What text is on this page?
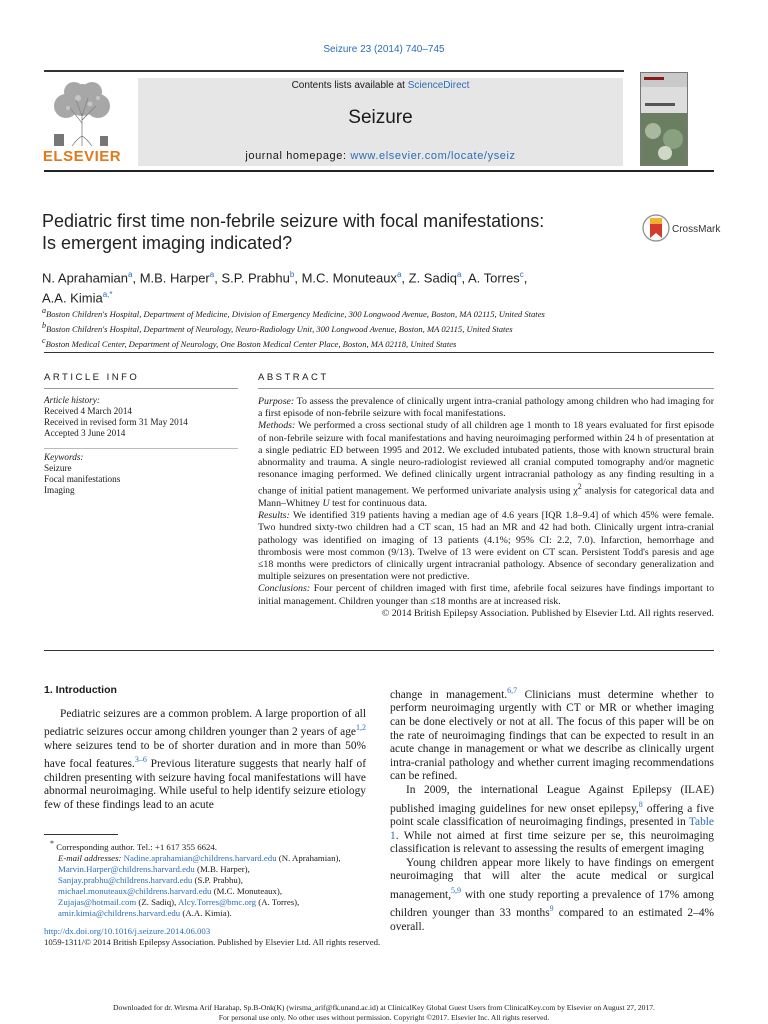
Seizure 23 (2014) 740–745
ELSEVIER
Contents lists available at ScienceDirect
Seizure
journal homepage: www.elsevier.com/locate/yseiz
Pediatric first time non-febrile seizure with focal manifestations:
Is emergent imaging indicated?
CrossMark
N. Aprahamian$^a$, M.B. Harper$^a$, S.P. Prabhu$^b$, M.C. Monuteaux$^a$, Z. Sadiq$^a$, A. Torres$^c$,
A.A. Kimia$^{a,*}$
$^a$Boston Children's Hospital, Department of Medicine, Division of Emergency Medicine, 300 Longwood Avenue, Boston, MA 02115, United States
$^b$Boston Children's Hospital, Department of Neurology, Neuro-Radiology Unit, 300 Longwood Avenue, Boston, MA 02115, United States
$^c$Boston Medical Center, Department of Neurology, One Boston Medical Center Place, Boston, MA 02118, United States
ARTICLE INFO	ABSTRACT
Article history:
Received 4 March 2014
Received in revised form 31 May 2014
Accepted 3 June 2014
Keywords:
Seizure
Focal manifestations
Imaging
Purpose: To assess the prevalence of clinically urgent intra-cranial pathology among children who had imaging for a first episode of non-febrile seizure with focal manifestations.
Methods: We performed a cross sectional study of all children age 1 month to 18 years evaluated for first episode of non-febrile seizure with focal manifestations and having neuroimaging performed within 24 h of presentation at a single pediatric ED between 1995 and 2012. We excluded intubated patients, those with known structural brain abnormality and trauma. A single neuro-radiologist reviewed all cranial computed tomography and/or magnetic resonance imaging performed. We defined clinically urgent intracranial pathology as any finding resulting in a change of initial patient management. We performed univariate analysis using $\chi^2$ analysis for categorical data and Mann–Whitney U test for continuous data.
Results: We identified 319 patients having a median age of 4.6 years [IQR 1.8–9.4] of which 45% were female. Two hundred sixty-two children had a CT scan, 15 had an MR and 42 had both. Clinically urgent intra-cranial pathology was identified on imaging of 13 patients (4.1%; 95% CI: 2.2, 7.0). Infarction, hemorrhage and thrombosis were most common (9/13). Twelve of 13 were evident on CT scan. Persistent Todd's paresis and age ≤18 months were predictors of clinically urgent intracranial pathology. Absence of secondary generalization and multiple seizures on presentation were not predictive.
Conclusions: Four percent of children imaged with first time, afebrile focal seizures have findings important to initial management. Children younger than ≤18 months are at increased risk.
© 2014 British Epilepsy Association. Published by Elsevier Ltd. All rights reserved.

1. Introduction

Pediatric seizures are a common problem. A large proportion of all pediatric seizures occur among children younger than 2 years of age$^{1,2}$ where seizures tend to be of shorter duration and in more than 50% have focal features.$^{3-6}$ Previous literature suggests that nearly half of children presenting with seizure having focal manifestations will have abnormal neuroimaging. While useful to help identify seizure etiology few of these findings lead to an acute

change in management.$^{6,7}$ Clinicians must determine whether to perform neuroimaging urgently with CT or MR or whether imaging can be done electively or not at all. The focus of this paper will be on the rate of neuroimaging findings that can be expected to result in an acute change in management or what we describe as clinically urgent intra-cranial pathology and whether current imaging recommendations can be refined.

In 2009, the international League Against Epilepsy (ILAE) published imaging guidelines for new onset epilepsy,$^8$ offering a five point scale classification of neuroimaging findings, presented in Table 1. While not aimed at first time seizure per se, this neuroimaging classification is relevant to assessing the results of emergent imaging

Young children appear more likely to have findings on emergent neuroimaging that will alter the acute medical or surgical management,$^{5,9}$ with one study reporting a prevalence of 17% among children younger than 33 months$^9$ compared to an estimated 2–4% overall.

* Corresponding author. Tel.: +1 617 355 6624.
E-mail addresses: Nadine.aprahamian@childrens.harvard.edu (N. Aprahamian),
Marvin.Harper@childrens.harvard.edu (M.B. Harper),
Sanjay.prabhu@childrens.harvard.edu (S.P. Prabhu),
michael.monuteaux@childrens.harvard.edu (M.C. Monuteaux),
Zujajas@hotmail.com (Z. Sadiq), Alcy.Torres@bmc.org (A. Torres),
amir.kimia@childrens.harvard.edu (A.A. Kimia).

http://dx.doi.org/10.1016/j.seizure.2014.06.003
1059-1311/© 2014 British Epilepsy Association. Published by Elsevier Ltd. All rights reserved.
Downloaded for dr. Wirsma Arif Harahap, Sp.B-Onk(K) (wirsma_arif@fk.unand.ac.id) at ClinicalKey Global Guest Users from ClinicalKey.com by Elsevier on August 27, 2017.
For personal use only. No other uses without permission. Copyright ©2017. Elsevier Inc. All rights reserved.
